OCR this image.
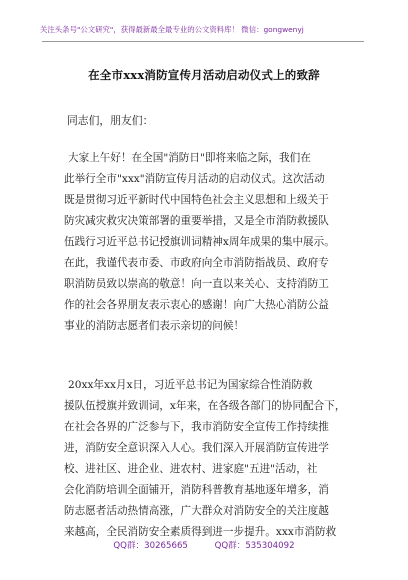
关注头条号"公文研究"，获得最新最全最专业的公文资料库！ 微信：gongwenyj
在全市xxx消防宣传月活动启动仪式上的致辞
同志们，朋友们：
大家上午好！在全国"消防日"即将来临之际，我们在
此举行全市"xxx"消防宣传月活动的启动仪式。这次活动
既是贯彻习近平新时代中国特色社会主义思想和上级关于
防灾减灾救灾决策部署的重要举措，又是全市消防救援队
伍践行习近平总书记授旗训词精神x周年成果的集中展示。
在此，我谨代表市委、市政府向全市消防指战员、政府专
职消防员致以崇高的敬意！向一直以来关心、支持消防工
作的社会各界朋友表示衷心的感谢！向广大热心消防公益
事业的消防志愿者们表示亲切的问候！
20xx年xx月x日，习近平总书记为国家综合性消防救
援队伍授旗并致训词，x年来，在各级各部门的协同配合下，
在社会各界的广泛参与下，我市消防安全宣传工作持续推
进，消防安全意识深入人心。我们深入开展消防宣传进学
校、进社区、进企业、进农村、进家庭"五进"活动，社
会化消防培训全面铺开，消防科普教育基地逐年增多，消
防志愿者活动热情高涨，广大群众对消防安全的关注度越
来越高，全民消防安全素质得到进一步提升。xxx市消防救
QQ群：30265665	QQ群：535304092
